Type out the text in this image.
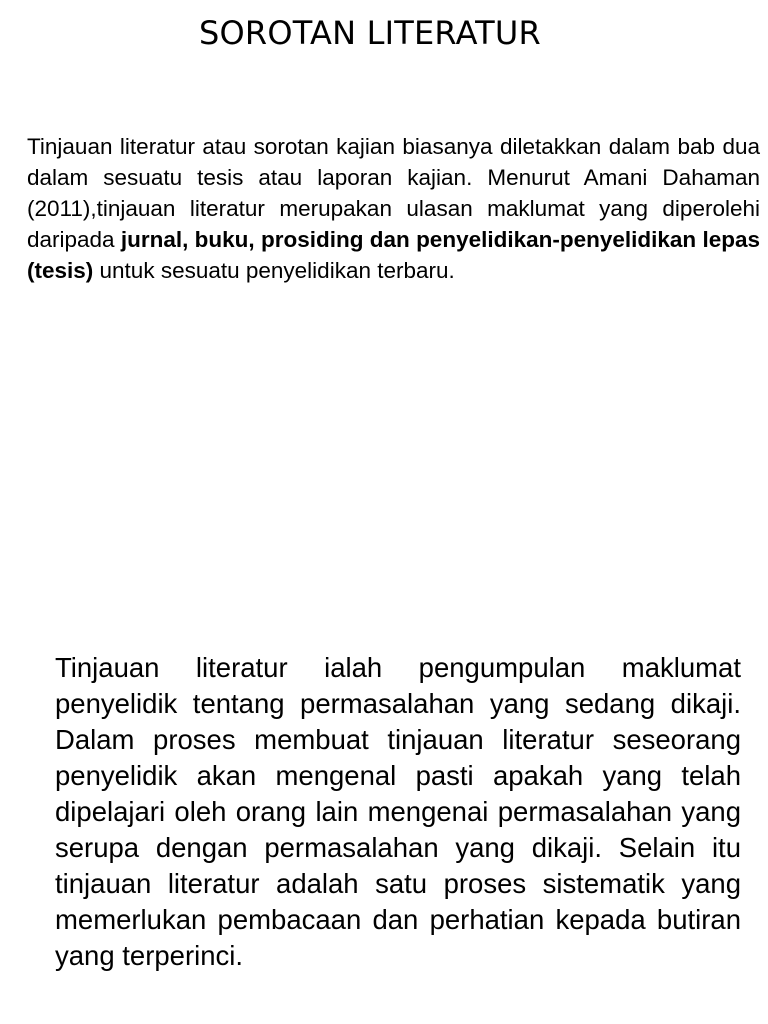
SOROTAN LITERATUR

Tinjauan literatur atau sorotan kajian biasanya diletakkan dalam bab dua dalam sesuatu tesis atau laporan kajian. Menurut Amani Dahaman (2011),tinjauan literatur merupakan ulasan maklumat yang diperolehi daripada jurnal, buku, prosiding dan penyelidikan-penyelidikan lepas (tesis) untuk sesuatu penyelidikan terbaru.

Tinjauan literatur ialah pengumpulan maklumat penyelidik tentang permasalahan yang sedang dikaji. Dalam proses membuat tinjauan literatur seseorang penyelidik akan mengenal pasti apakah yang telah dipelajari oleh orang lain mengenai permasalahan yang serupa dengan permasalahan yang dikaji. Selain itu tinjauan literatur adalah satu proses sistematik yang memerlukan pembacaan dan perhatian kepada butiran yang terperinci.
